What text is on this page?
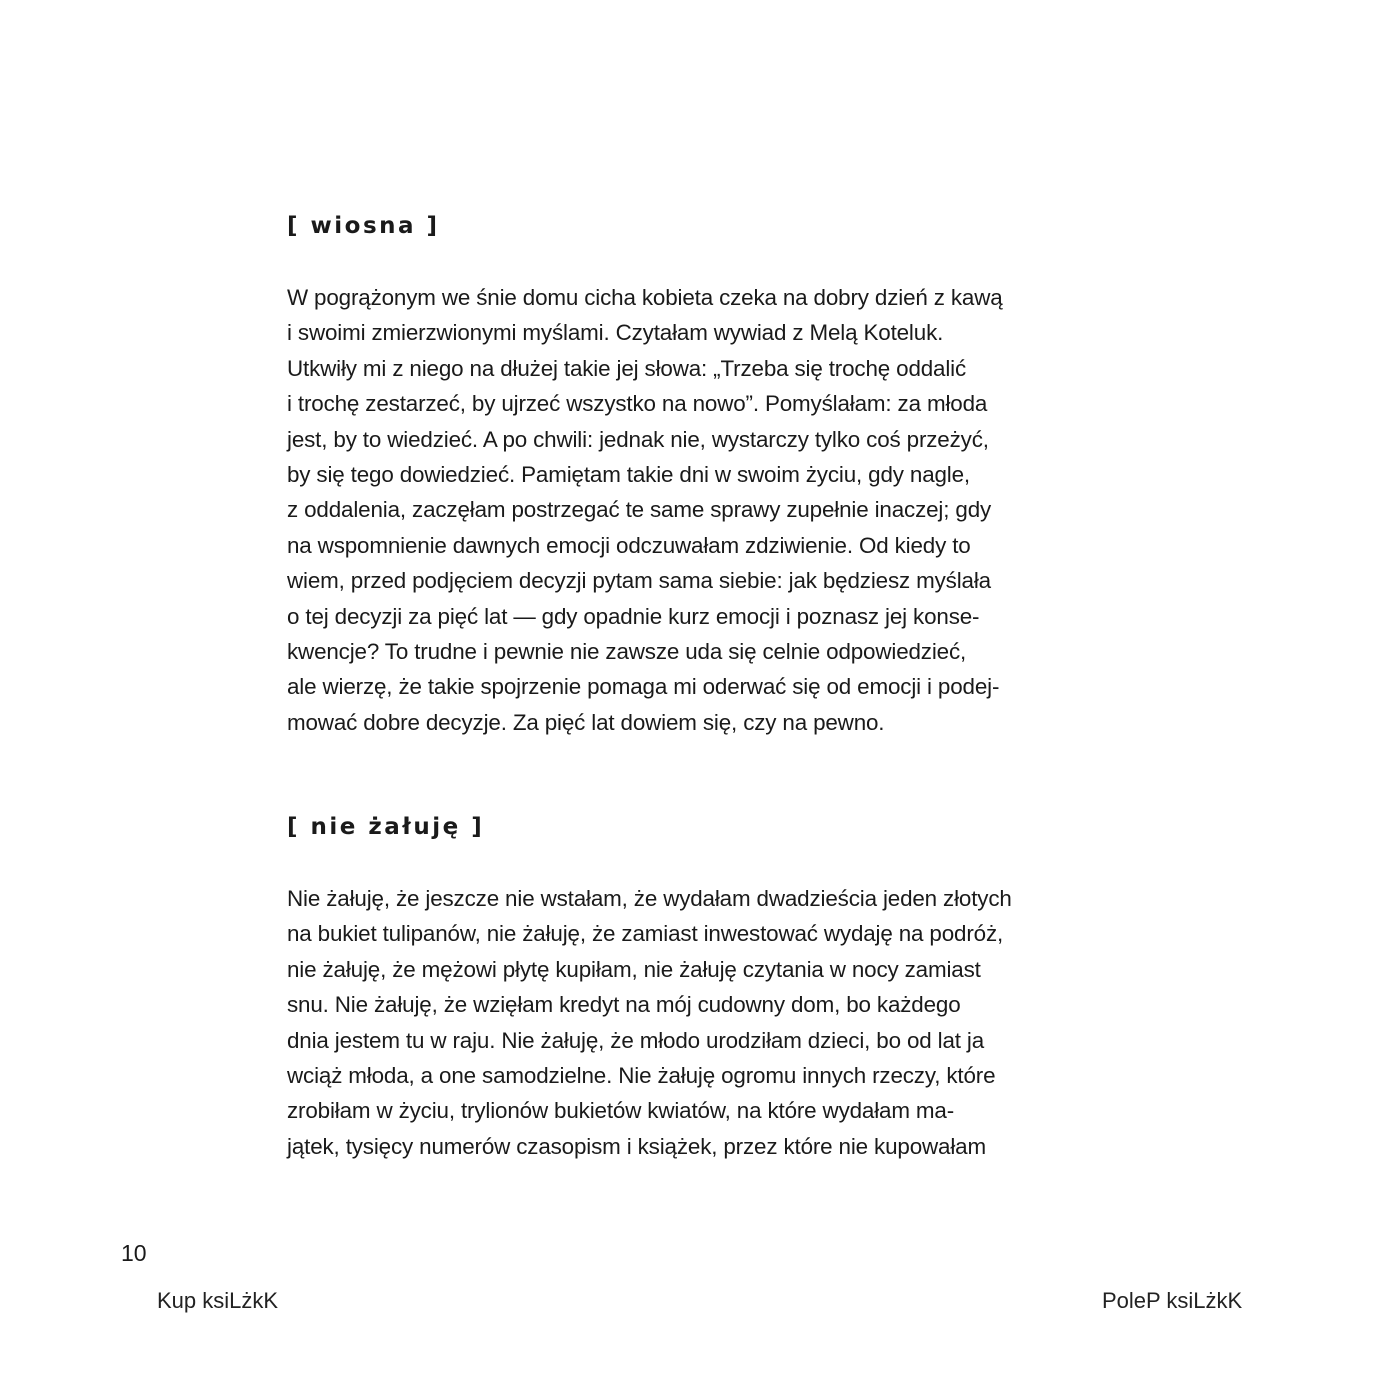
[ wiosna ]

W pogrążonym we śnie domu cicha kobieta czeka na dobry dzień z kawą
i swoimi zmierzwionymi myślami. Czytałam wywiad z Melą Koteluk.
Utkwiły mi z niego na dłużej takie jej słowa: „Trzeba się trochę oddalić
i trochę zestarzeć, by ujrzeć wszystko na nowo”. Pomyślałam: za młoda
jest, by to wiedzieć. A po chwili: jednak nie, wystarczy tylko coś przeżyć,
by się tego dowiedzieć. Pamiętam takie dni w swoim życiu, gdy nagle,
z oddalenia, zaczęłam postrzegać te same sprawy zupełnie inaczej; gdy
na wspomnienie dawnych emocji odczuwałam zdziwienie. Od kiedy to
wiem, przed podjęciem decyzji pytam sama siebie: jak będziesz myślała
o tej decyzji za pięć lat — gdy opadnie kurz emocji i poznasz jej konse-
kwencje? To trudne i pewnie nie zawsze uda się celnie odpowiedzieć,
ale wierzę, że takie spojrzenie pomaga mi oderwać się od emocji i podej-
mować dobre decyzje. Za pięć lat dowiem się, czy na pewno.

[ nie żałuję ]

Nie żałuję, że jeszcze nie wstałam, że wydałam dwadzieścia jeden złotych
na bukiet tulipanów, nie żałuję, że zamiast inwestować wydaję na podróż,
nie żałuję, że mężowi płytę kupiłam, nie żałuję czytania w nocy zamiast
snu. Nie żałuję, że wzięłam kredyt na mój cudowny dom, bo każdego
dnia jestem tu w raju. Nie żałuję, że młodo urodziłam dzieci, bo od lat ja
wciąż młoda, a one samodzielne. Nie żałuję ogromu innych rzeczy, które
zrobiłam w życiu, trylionów bukietów kwiatów, na które wydałam ma-
jątek, tysięcy numerów czasopism i książek, przez które nie kupowałam

10
Kup ksiLżkK	PoleP ksiLżkK
